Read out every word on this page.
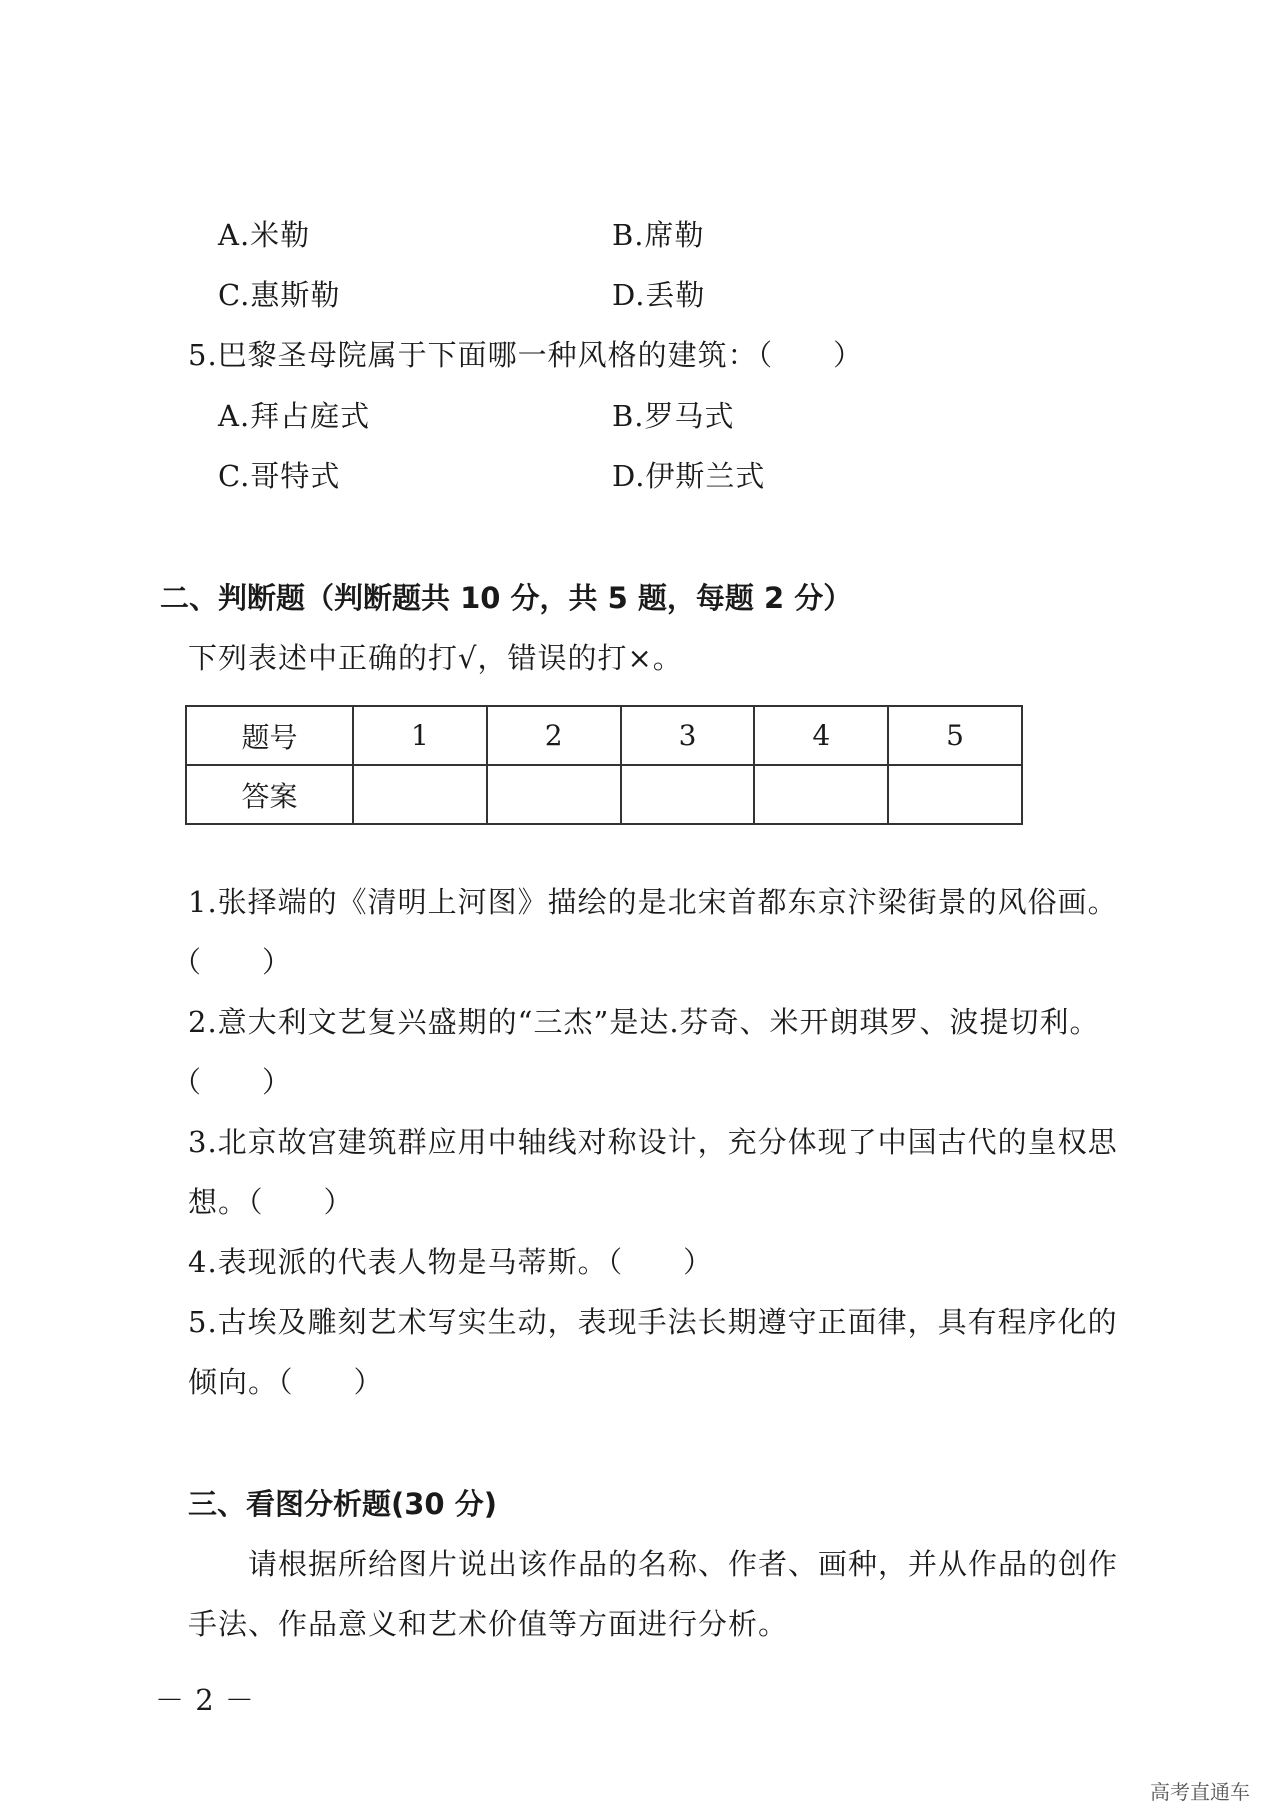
A.米勒	B.席勒
C.惠斯勒	D.丢勒
5.巴黎圣母院属于下面哪一种风格的建筑：（　　）
A.拜占庭式	B.罗马式
C.哥特式	D.伊斯兰式
二、判断题（判断题共 10 分，共 5 题，每题 2 分）
下列表述中正确的打√，错误的打×。
题号	1	2	3	4	5
答案					
1.张择端的《清明上河图》描绘的是北宋首都东京汴梁街景的风俗画。
（　　）
2.意大利文艺复兴盛期的“三杰”是达.芬奇、米开朗琪罗、波提切利。
（　　）
3.北京故宫建筑群应用中轴线对称设计，充分体现了中国古代的皇权思
想。（　　）
4.表现派的代表人物是马蒂斯。（　　）
5.古埃及雕刻艺术写实生动，表现手法长期遵守正面律，具有程序化的
倾向。（　　）
三、看图分析题(30 分)
请根据所给图片说出该作品的名称、作者、画种，并从作品的创作
手法、作品意义和艺术价值等方面进行分析。
－ 2 －
高考直通车
